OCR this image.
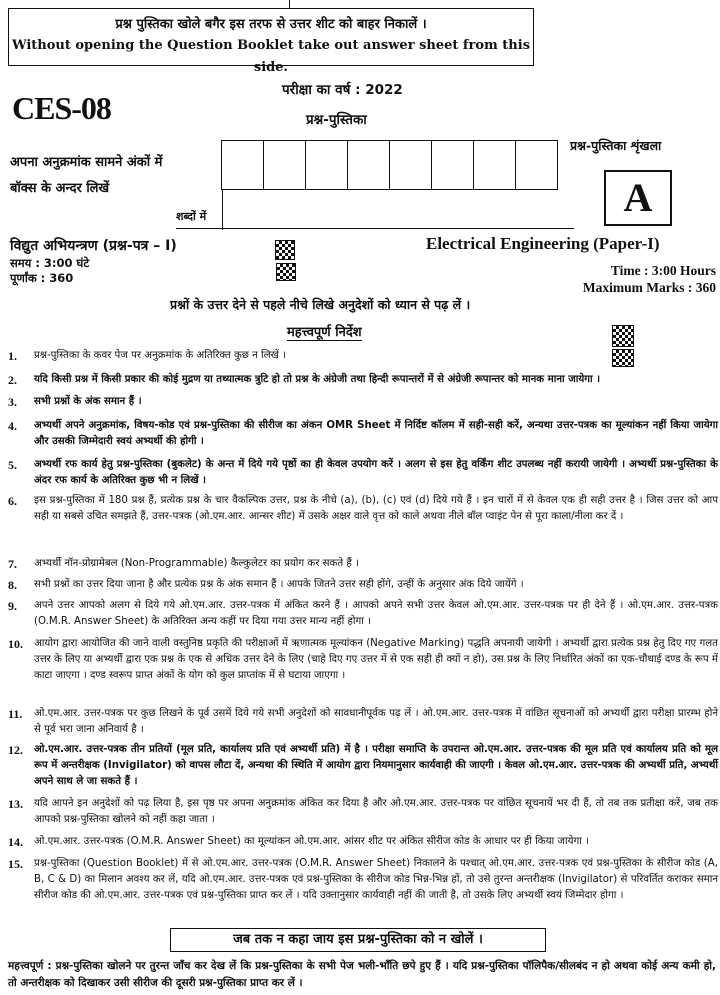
प्रश्न पुस्तिका खोले बगैर इस तरफ से उत्तर शीट को बाहर निकालें ।
Without opening the Question Booklet take out answer sheet from this side.
परीक्षा का वर्ष : 2022
CES-08	प्रश्न-पुस्तिका
प्रश्न-पुस्तिका शृंखला
A
अपना अनुक्रमांक सामने अंकों में
बॉक्स के अन्दर लिखें
शब्दों में
विद्युत अभियन्त्रण (प्रश्न-पत्र – I)
समय : 3:00 घंटे
पूर्णांक : 360
Electrical Engineering (Paper-I)
Time : 3:00 Hours
Maximum Marks : 360
प्रश्नों के उत्तर देने से पहले नीचे लिखे अनुदेशों को ध्यान से पढ़ लें ।
महत्त्वपूर्ण निर्देश
1. प्रश्न-पुस्तिका के कवर पेज पर अनुक्रमांक के अतिरिक्त कुछ न लिखें ।
2. यदि किसी प्रश्न में किसी प्रकार की कोई मुद्रण या तथ्यात्मक त्रुटि हो तो प्रश्न के अंग्रेजी तथा हिन्दी रूपान्तरों में से अंग्रेजी रूपान्तर को मानक माना जायेगा ।
3. सभी प्रश्नों के अंक समान हैं ।
4. अभ्यर्थी अपने अनुक्रमांक, विषय-कोड एवं प्रश्न-पुस्तिका की सीरीज का अंकन OMR Sheet में निर्दिष्ट कॉलम में सही-सही करें, अन्यथा उत्तर-पत्रक का मूल्यांकन नहीं किया जायेगा और उसकी जिम्मेदारी स्वयं अभ्यर्थी की होगी ।
5. अभ्यर्थी रफ कार्य हेतु प्रश्न-पुस्तिका (बुकलेट) के अन्त में दिये गये पृष्ठों का ही केवल उपयोग करें । अलग से इस हेतु वर्किंग शीट उपलब्ध नहीं करायी जायेगी । अभ्यर्थी प्रश्न-पुस्तिका के अंदर रफ कार्य के अतिरिक्त कुछ भी न लिखें ।
6. इस प्रश्न-पुस्तिका में 180 प्रश्न हैं, प्रत्येक प्रश्न के चार वैकल्पिक उत्तर, प्रश्न के नीचे (a), (b), (c) एवं (d) दिये गये हैं । इन चारों में से केवल एक ही सही उत्तर है । जिस उत्तर को आप सही या सबसे उचित समझते हैं, उत्तर-पत्रक (ओ.एम.आर. आन्सर शीट) में उसके अक्षर वाले वृत्त को काले अथवा नीले बॉल प्वाइंट पेन से पूरा काला/नीला कर दें ।
7. अभ्यर्थी नॉन-प्रोग्रामेबल (Non-Programmable) कैल्कुलेटर का प्रयोग कर सकते हैं ।
8. सभी प्रश्नों का उत्तर दिया जाना है और प्रत्येक प्रश्न के अंक समान हैं । आपके जितने उत्तर सही होंगे, उन्हीं के अनुसार अंक दिये जायेंगे ।
9. अपने उत्तर आपको अलग से दिये गये ओ.एम.आर. उत्तर-पत्रक में अंकित करने हैं । आपको अपने सभी उत्तर केवल ओ.एम.आर. उत्तर-पत्रक पर ही देने हैं । ओ.एम.आर. उत्तर-पत्रक (O.M.R. Answer Sheet) के अतिरिक्त अन्य कहीं पर दिया गया उत्तर मान्य नहीं होगा ।
10. आयोग द्वारा आयोजित की जाने वाली वस्तुनिष्ठ प्रकृति की परीक्षाओं में ऋणात्मक मूल्यांकन (Negative Marking) पद्धति अपनायी जायेगी । अभ्यर्थी द्वारा प्रत्येक प्रश्न हेतु दिए गए गलत उत्तर के लिए या अभ्यर्थी द्वारा एक प्रश्न के एक से अधिक उत्तर देने के लिए (चाहे दिए गए उत्तर में से एक सही ही क्यों न हो), उस प्रश्न के लिए निर्धारित अंकों का एक-चौथाई दण्ड के रूप में काटा जाएगा । दण्ड स्वरूप प्राप्त अंकों के योग को कुल प्राप्तांक में से घटाया जाएगा ।
11. ओ.एम.आर. उत्तर-पत्रक पर कुछ लिखने के पूर्व उसमें दिये गये सभी अनुदेशों को सावधानीपूर्वक पढ़ लें । ओ.एम.आर. उत्तर-पत्रक में वांछित सूचनाओं को अभ्यर्थी द्वारा परीक्षा प्रारम्भ होने से पूर्व भरा जाना अनिवार्य है ।
12. ओ.एम.आर. उत्तर-पत्रक तीन प्रतियों (मूल प्रति, कार्यालय प्रति एवं अभ्यर्थी प्रति) में है । परीक्षा समाप्ति के उपरान्त ओ.एम.आर. उत्तर-पत्रक की मूल प्रति एवं कार्यालय प्रति को मूल रूप में अन्तरीक्षक (Invigilator) को वापस लौटा दें, अन्यथा की स्थिति में आयोग द्वारा नियमानुसार कार्यवाही की जाएगी । केवल ओ.एम.आर. उत्तर-पत्रक की अभ्यर्थी प्रति, अभ्यर्थी अपने साथ ले जा सकते हैं ।
13. यदि आपने इन अनुदेशों को पढ़ लिया है, इस पृष्ठ पर अपना अनुक्रमांक अंकित कर दिया है और ओ.एम.आर. उत्तर-पत्रक पर वांछित सूचनायें भर दी हैं, तो तब तक प्रतीक्षा करें, जब तक आपको प्रश्न-पुस्तिका खोलने को नहीं कहा जाता ।
14. ओ.एम.आर. उत्तर-पत्रक (O.M.R. Answer Sheet) का मूल्यांकन ओ.एम.आर. आंसर शीट पर अंकित सीरीज कोड के आधार पर ही किया जायेगा ।
15. प्रश्न-पुस्तिका (Question Booklet) में से ओ.एम.आर. उत्तर-पत्रक (O.M.R. Answer Sheet) निकालने के पश्चात् ओ.एम.आर. उत्तर-पत्रक एवं प्रश्न-पुस्तिका के सीरीज कोड (A, B, C & D) का मिलान अवश्य कर लें, यदि ओ.एम.आर. उत्तर-पत्रक एवं प्रश्न-पुस्तिका के सीरीज कोड भिन्न-भिन्न हों, तो उसे तुरन्त अन्तरीक्षक (Invigilator) से परिवर्तित कराकर समान सीरीज कोड की ओ.एम.आर. उत्तर-पत्रक एवं प्रश्न-पुस्तिका प्राप्त कर लें । यदि उक्तानुसार कार्यवाही नहीं की जाती है, तो उसके लिए अभ्यर्थी स्वयं जिम्मेदार होगा ।
जब तक न कहा जाय इस प्रश्न-पुस्तिका को न खोलें ।
महत्त्वपूर्ण : प्रश्न-पुस्तिका खोलने पर तुरन्त जाँच कर देख लें कि प्रश्न-पुस्तिका के सभी पेज भली-भाँति छपे हुए हैं । यदि प्रश्न-पुस्तिका पॉलिपैक/सीलबंद न हो अथवा कोई अन्य कमी हो, तो अन्तरीक्षक को दिखाकर उसी सीरीज की दूसरी प्रश्न-पुस्तिका प्राप्त कर लें ।
